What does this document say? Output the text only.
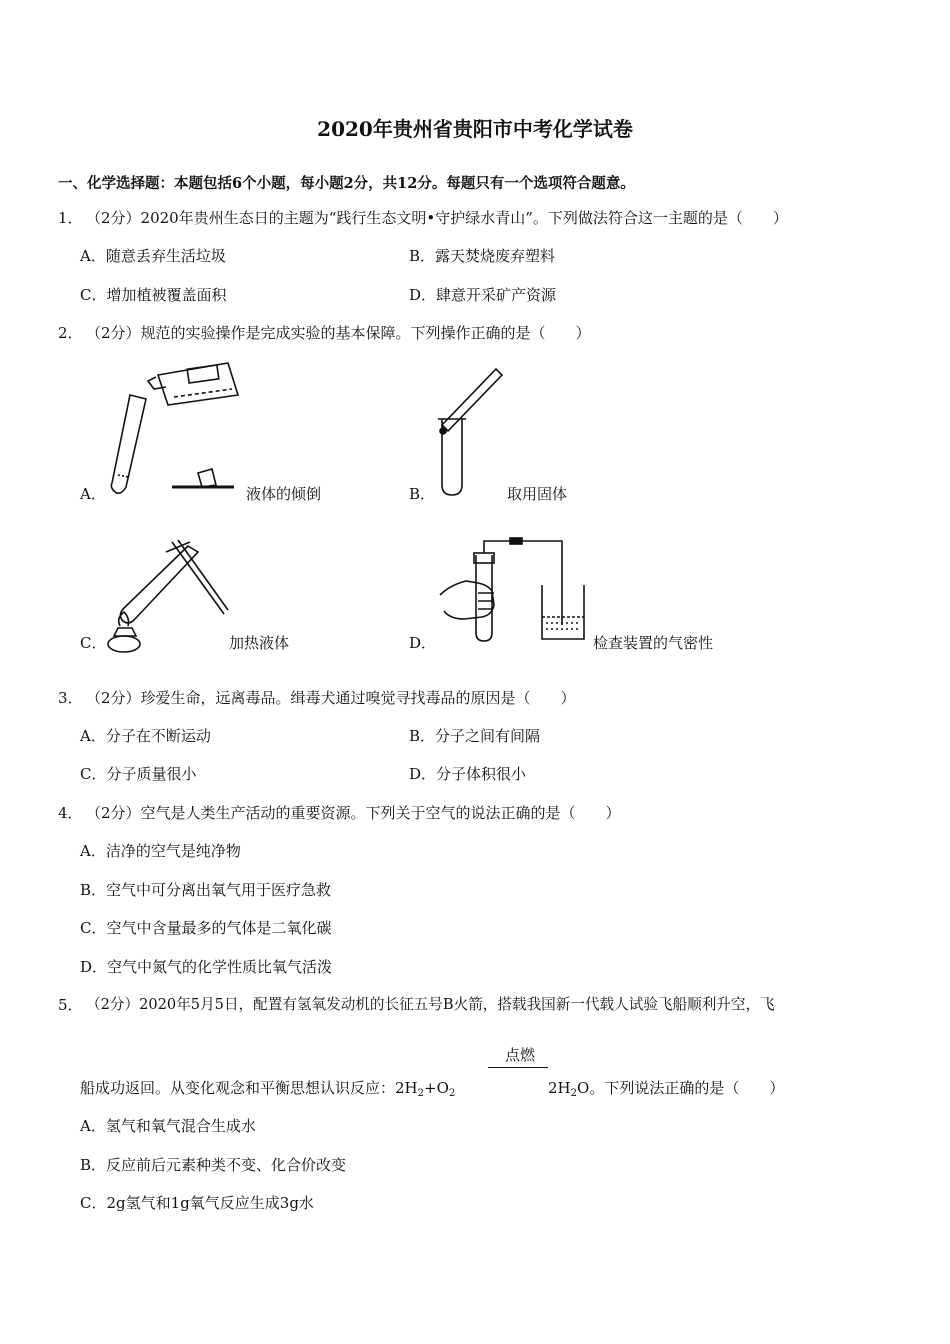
2020年贵州省贵阳市中考化学试卷
一、化学选择题：本题包括6个小题，每小题2分，共12分。每题只有一个选项符合题意。
1． （2分）2020年贵州生态日的主题为“践行生态文明•守护绿水青山”。下列做法符合这一主题的是（　　）
A．随意丢弃生活垃圾	B．露天焚烧废弃塑料
C．增加植被覆盖面积	D．肆意开采矿产资源
2． （2分）规范的实验操作是完成实验的基本保障。下列操作正确的是（　　）
A．	液体的倾倒	B．	取用固体
C．	加热液体	D．	检查装置的气密性
3． （2分）珍爱生命，远离毒品。缉毒犬通过嗅觉寻找毒品的原因是（　　）
A．分子在不断运动	B．分子之间有间隔
C．分子质量很小	D．分子体积很小
4． （2分）空气是人类生产活动的重要资源。下列关于空气的说法正确的是（　　）
A．洁净的空气是纯净物
B．空气中可分离出氧气用于医疗急救
C．空气中含量最多的气体是二氧化碳
D．空气中氮气的化学性质比氧气活泼
5． （2分）2020年5月5日，配置有氢氧发动机的长征五号B火箭，搭载我国新一代载人试验飞船顺利升空，飞
点燃
船成功返回。从变化观念和平衡思想认识反应：$2H_2+O_2$	$2H_2O$。下列说法正确的是（　　）
A．氢气和氧气混合生成水
B．反应前后元素种类不变、化合价改变
C．2g氢气和1g氧气反应生成3g水
